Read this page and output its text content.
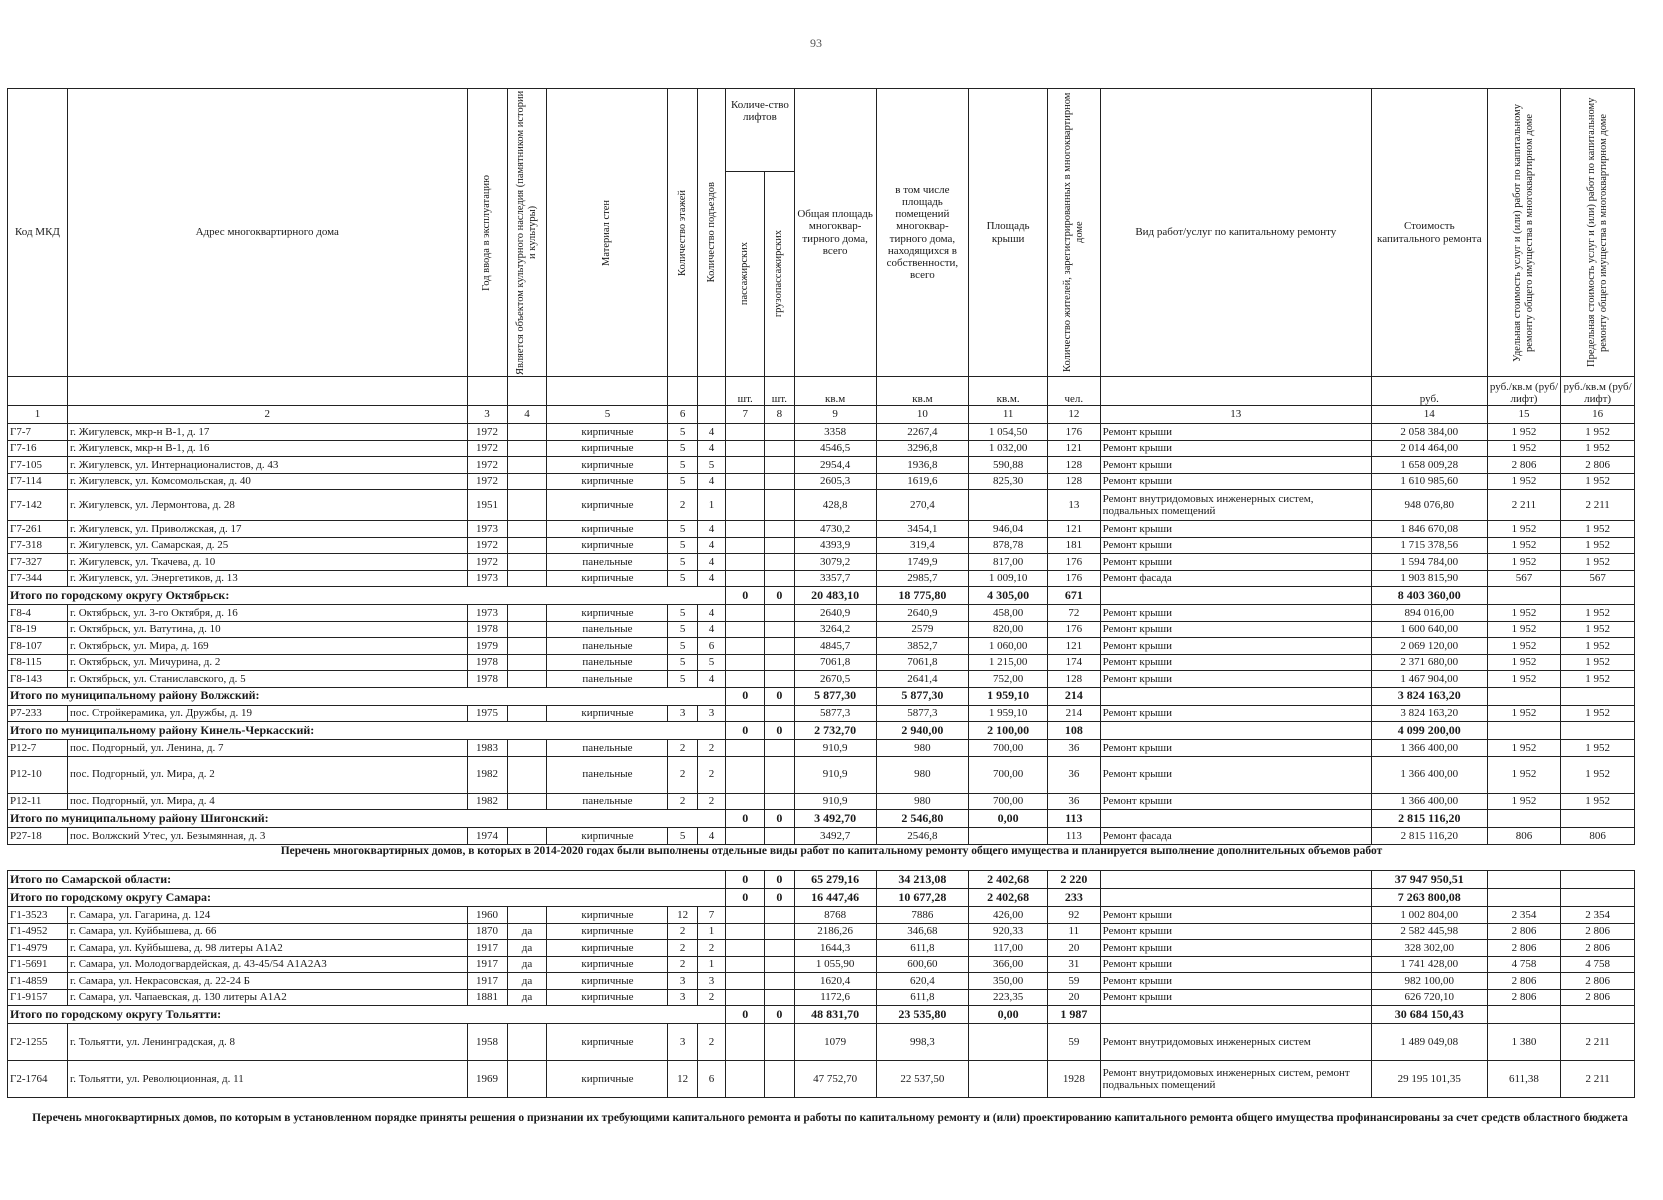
93
Код МКД	Адрес многоквартирного дома	Год ввода в эксплуатацию	Является объектом культурного наследия (памятником истории и культуры)	Материал стен	Количество этажей	Количество подъездов	Количе-ство лифтов		Общая площадь многоквар-тирного дома, всего	в том числе площадь помещений многоквар-тирного дома, находящихся в собственности, всего	Площадь крыши	Количество жителей, зарегистрированных в многоквартирном доме	Вид работ/услуг по капитальному ремонту	Стоимость капитального ремонта	Удельная стоимость услуг и (или) работ по капитальному ремонту общего имущества в многоквартирном доме	Предельная стоимость услуг и (или) работ по капитальному ремонту общего имущества в многоквартирном доме

							пассажирских	грузопассажирских								

							шт.	шт.	кв.м	кв.м	кв.м.	чел.		руб.	руб./кв.м (руб/лифт)	руб./кв.м (руб/лифт)
1	2	3	4	5	6		7	8	9	10	11	12	13	14	15	16
Г7-7	г. Жигулевск, мкр-н В-1, д. 17	1972		кирпичные	5	4			3358	2267,4	1 054,50	176	Ремонт крыши	2 058 384,00	1 952	1 952
Г7-16	г. Жигулевск, мкр-н В-1, д. 16	1972		кирпичные	5	4			4546,5	3296,8	1 032,00	121	Ремонт крыши	2 014 464,00	1 952	1 952
Г7-105	г. Жигулевск, ул. Интернационалистов, д. 43	1972		кирпичные	5	5			2954,4	1936,8	590,88	128	Ремонт крыши	1 658 009,28	2 806	2 806
Г7-114	г. Жигулевск, ул. Комсомольская, д. 40	1972		кирпичные	5	4			2605,3	1619,6	825,30	128	Ремонт крыши	1 610 985,60	1 952	1 952
Г7-142	г. Жигулевск, ул. Лермонтова, д. 28	1951		кирпичные	2	1			428,8	270,4		13	Ремонт внутридомовых инженерных систем, подвальных помещений	948 076,80	2 211	2 211
Г7-261	г. Жигулевск, ул. Приволжская, д. 17	1973		кирпичные	5	4			4730,2	3454,1	946,04	121	Ремонт крыши	1 846 670,08	1 952	1 952
Г7-318	г. Жигулевск, ул. Самарская, д. 25	1972		кирпичные	5	4			4393,9	319,4	878,78	181	Ремонт крыши	1 715 378,56	1 952	1 952
Г7-327	г. Жигулевск, ул. Ткачева, д. 10	1972		панельные	5	4			3079,2	1749,9	817,00	176	Ремонт крыши	1 594 784,00	1 952	1 952
Г7-344	г. Жигулевск, ул. Энергетиков, д. 13	1973		кирпичные	5	4			3357,7	2985,7	1 009,10	176	Ремонт фасада	1 903 815,90	567	567
Итого по городскому округу Октябрьск:							0	0	20 483,10	18 775,80	4 305,00	671		8 403 360,00		
Г8-4	г. Октябрьск, ул. 3-го Октября, д. 16	1973		кирпичные	5	4			2640,9	2640,9	458,00	72	Ремонт крыши	894 016,00	1 952	1 952
Г8-19	г. Октябрьск, ул. Ватутина, д. 10	1978		панельные	5	4			3264,2	2579	820,00	176	Ремонт крыши	1 600 640,00	1 952	1 952
Г8-107	г. Октябрьск, ул. Мира, д. 169	1979		панельные	5	6			4845,7	3852,7	1 060,00	121	Ремонт крыши	2 069 120,00	1 952	1 952
Г8-115	г. Октябрьск, ул. Мичурина, д. 2	1978		панельные	5	5			7061,8	7061,8	1 215,00	174	Ремонт крыши	2 371 680,00	1 952	1 952
Г8-143	г. Октябрьск, ул. Станиславского, д. 5	1978		панельные	5	4			2670,5	2641,4	752,00	128	Ремонт крыши	1 467 904,00	1 952	1 952
Итого по муниципальному району Волжский:							0	0	5 877,30	5 877,30	1 959,10	214		3 824 163,20		
Р7-233	пос. Стройкерамика, ул. Дружбы, д. 19	1975		кирпичные	3	3			5877,3	5877,3	1 959,10	214	Ремонт крыши	3 824 163,20	1 952	1 952
Итого по муниципальному району Кинель-Черкасский:							0	0	2 732,70	2 940,00	2 100,00	108		4 099 200,00		
Р12-7	пос. Подгорный, ул. Ленина, д. 7	1983		панельные	2	2			910,9	980	700,00	36	Ремонт крыши	1 366 400,00	1 952	1 952
Р12-10	пос. Подгорный, ул. Мира, д. 2	1982		панельные	2	2			910,9	980	700,00	36	Ремонт крыши	1 366 400,00	1 952	1 952
Р12-11	пос. Подгорный, ул. Мира, д. 4	1982		панельные	2	2			910,9	980	700,00	36	Ремонт крыши	1 366 400,00	1 952	1 952
Итого по муниципальному району Шигонский:							0	0	3 492,70	2 546,80	0,00	113		2 815 116,20		
Р27-18	пос. Волжский Утес, ул. Безымянная, д. 3	1974		кирпичные	5	4			3492,7	2546,8		113	Ремонт фасада	2 815 116,20	806	806
Перечень многоквартирных домов, в которых в 2014-2020 годах были выполнены отдельные виды работ по капитальному ремонту общего имущества и планируется выполнение дополнительных объемов работ
Итого по Самарской области:							0	0	65 279,16	34 213,08	2 402,68	2 220		37 947 950,51		
Итого по городскому округу Самара:							0	0	16 447,46	10 677,28	2 402,68	233		7 263 800,08		
Г1-3523	г. Самара, ул. Гагарина, д. 124	1960		кирпичные	12	7			8768	7886	426,00	92	Ремонт крыши	1 002 804,00	2 354	2 354
Г1-4952	г. Самара, ул. Куйбышева, д. 66	1870	да	кирпичные	2	1			2186,26	346,68	920,33	11	Ремонт крыши	2 582 445,98	2 806	2 806
Г1-4979	г. Самара, ул. Куйбышева, д. 98 литеры А1А2	1917	да	кирпичные	2	2			1644,3	611,8	117,00	20	Ремонт крыши	328 302,00	2 806	2 806
Г1-5691	г. Самара, ул. Молодогвардейская, д. 43-45/54 А1А2А3	1917	да	кирпичные	2	1			1 055,90	600,60	366,00	31	Ремонт крыши	1 741 428,00	4 758	4 758
Г1-4859	г. Самара, ул. Некрасовская, д. 22-24 Б	1917	да	кирпичные	3	3			1620,4	620,4	350,00	59	Ремонт крыши	982 100,00	2 806	2 806
Г1-9157	г. Самара, ул. Чапаевская, д. 130 литеры А1А2	1881	да	кирпичные	3	2			1172,6	611,8	223,35	20	Ремонт крыши	626 720,10	2 806	2 806
Итого по городскому округу Тольятти:							0	0	48 831,70	23 535,80	0,00	1 987		30 684 150,43		
Г2-1255	г. Тольятти, ул. Ленинградская, д. 8	1958		кирпичные	3	2			1079	998,3		59	Ремонт внутридомовых инженерных систем	1 489 049,08	1 380	2 211
Г2-1764	г. Тольятти, ул. Революционная, д. 11	1969		кирпичные	12	6			47 752,70	22 537,50		1928	Ремонт внутридомовых инженерных систем, ремонт подвальных помещений	29 195 101,35	611,38	2 211
Перечень многоквартирных домов, по которым в установленном порядке приняты решения о признании их требующими капитального ремонта и работы по капитальному ремонту и (или) проектированию капитального ремонта общего имущества профинансированы за счет средств областного бюджета
